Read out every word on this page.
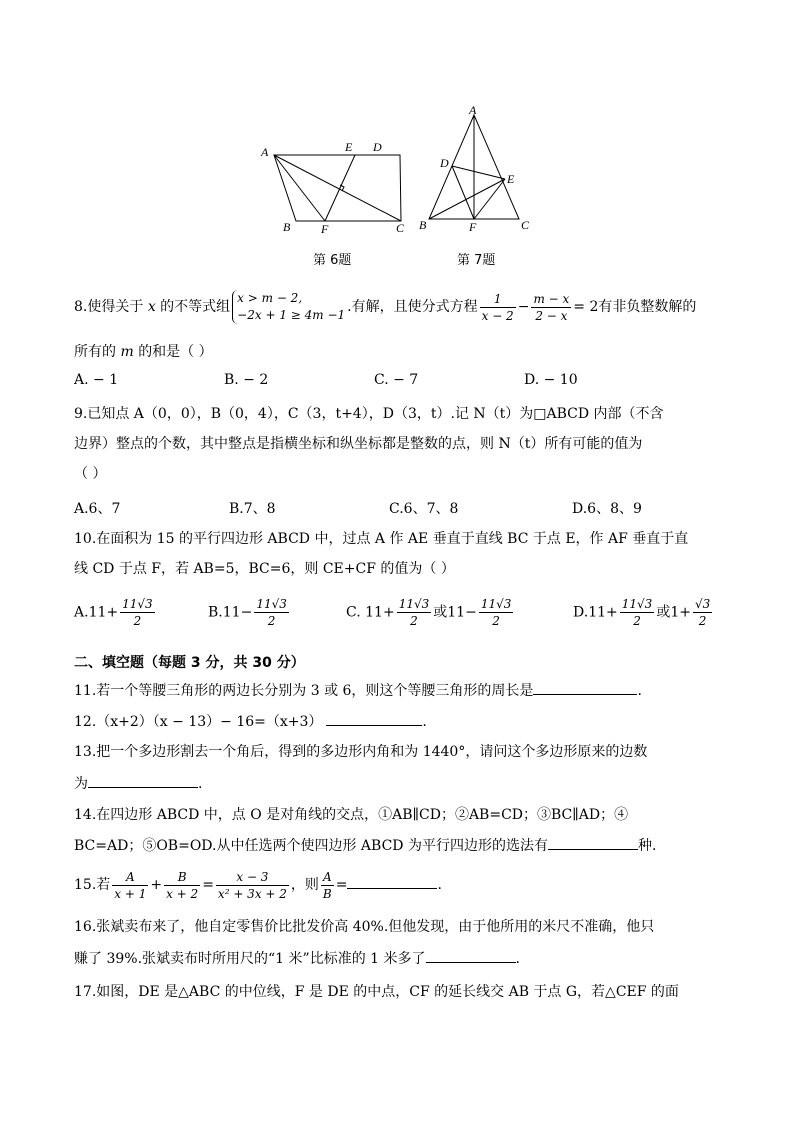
A
B	C
D
E
F
第 6题
A
B	C
D
E
F
第 7题
8.使得关于 x 的不等式组
x > m − 2,
−2x + 1 ≥ 4m −1 .有解，且使分式方程 $\frac{1}{x - 2} - \frac{m - x}{2 - x} = 2$有非负整数解的
所有的 m 的和是（ ）
A. − 1	B. − 2	C. − 7	D. − 10
9.已知点 A（0，0），B（0，4），C（3，t+4），D（3，t）.记 N（t）为□ABCD 内部（不含
边界）整点的个数，其中整点是指横坐标和纵坐标都是整数的点，则 N（t）所有可能的值为
（ ）
A.6、7	B.7、8	C.6、7、8	D.6、8、9
10.在面积为 15 的平行四边形 ABCD 中，过点 A 作 AE 垂直于直线 BC 于点 E，作 AF 垂直于直
线 CD 于点 F，若 AB=5，BC=6，则 CE+CF 的值为（ ）
$A.11+ \frac{11√3}{2}$	$B.11- \frac{11√3}{2}$	C. $11+ \frac{11√3}{2}$ 或$11- \frac{11√3}{2}$	$D.11+ \frac{11√3}{2}$ 或$1+ \frac{√3}{2}$
二、填空题（每题 3 分，共 30 分）
11.若一个等腰三角形的两边长分别为 3 或 6，则这个等腰三角形的周长是	.
12.（x+2）（x − 13）− 16=（x+3）	.
13.把一个多边形割去一个角后，得到的多边形内角和为 1440°，请问这个多边形原来的边数
为	.
14.在四边形 ABCD 中，点 O 是对角线的交点，①AB∥CD；②AB=CD；③BC∥AD；④
BC=AD；⑤OB=OD.从中任选两个使四边形 ABCD 为平行四边形的选法有	种.
15.若 $\frac{A}{x + 1} + \frac{B}{x + 2} = \frac{x - 3}{\text{x² + 3x + 2}}$ ，则 $\frac{A}{B}$ =	.
16.张斌卖布来了，他自定零售价比批发价高 40%.但他发现，由于他所用的米尺不准确，他只
赚了 39%.张斌卖布时所用尺的“1 米”比标准的 1 米多了	.
17.如图，DE 是△ABC 的中位线，F 是 DE 的中点，CF 的延长线交 AB 于点 G，若△CEF 的面
